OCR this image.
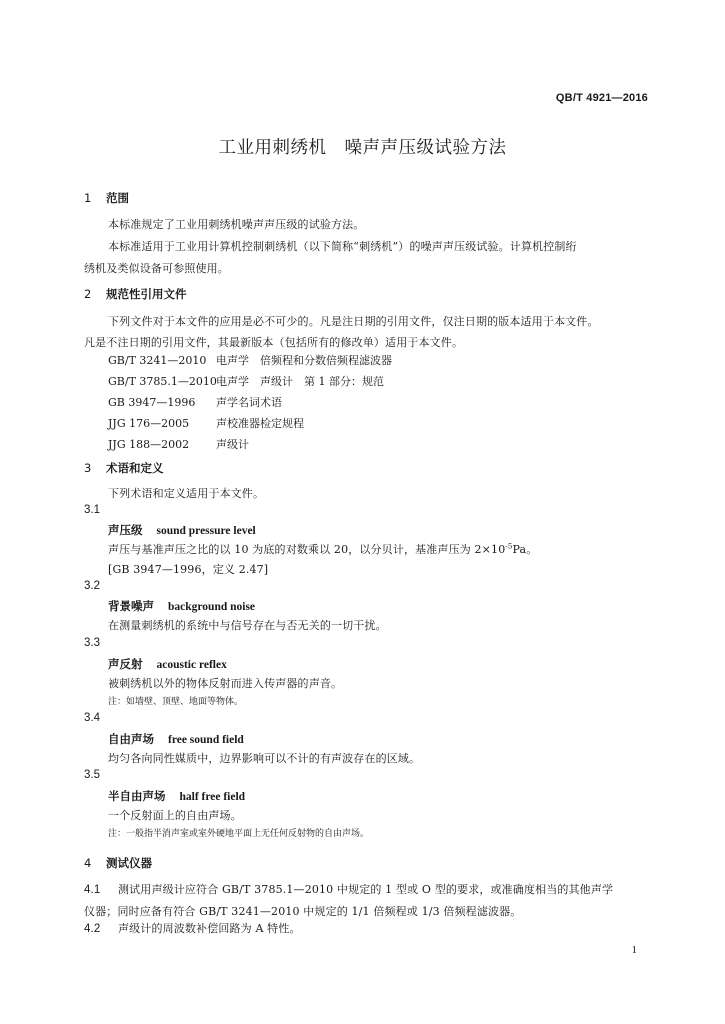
QB/T 4921—2016
工业用刺绣机　噪声声压级试验方法
1 范围
本标准规定了工业用刺绣机噪声声压级的试验方法。
本标准适用于工业用计算机控制刺绣机（以下简称“刺绣机”）的噪声声压级试验。计算机控制绗
绣机及类似设备可参照使用。
2 规范性引用文件
下列文件对于本文件的应用是必不可少的。凡是注日期的引用文件，仅注日期的版本适用于本文件。
凡是不注日期的引用文件，其最新版本（包括所有的修改单）适用于本文件。
GB/T 3241—2010 电声学　倍频程和分数倍频程滤波器
GB/T 3785.1—2010电声学　声级计　第 1 部分：规范
GB 3947—1996 声学名词术语
JJG 176—2005 声校准器检定规程
JJG 188—2002 声级计
3 术语和定义
下列术语和定义适用于本文件。
3.1
声压级 sound pressure level
声压与基准声压之比的以 10 为底的对数乘以 20，以分贝计，基准声压为 $2\times 10^{-5}Pa$。
[GB 3947—1996，定义 2.47]
3.2
背景噪声 background noise
在测量刺绣机的系统中与信号存在与否无关的一切干扰。
3.3
声反射 acoustic reflex
被刺绣机以外的物体反射而进入传声器的声音。
注：如墙壁、顶壁、地面等物体。
3.4
自由声场 free sound field
均匀各向同性媒质中，边界影响可以不计的有声波存在的区域。
3.5
半自由声场 half free field
一个反射面上的自由声场。
注：一般指半消声室或室外硬地平面上无任何反射物的自由声场。
4 测试仪器
4.1 测试用声级计应符合 GB/T 3785.1—2010 中规定的 1 型或 O 型的要求，或准确度相当的其他声学
仪器；同时应备有符合 GB/T 3241—2010 中规定的 1/1 倍频程或 1/3 倍频程滤波器。
4.2 声级计的周波数补偿回路为 A 特性。
1
